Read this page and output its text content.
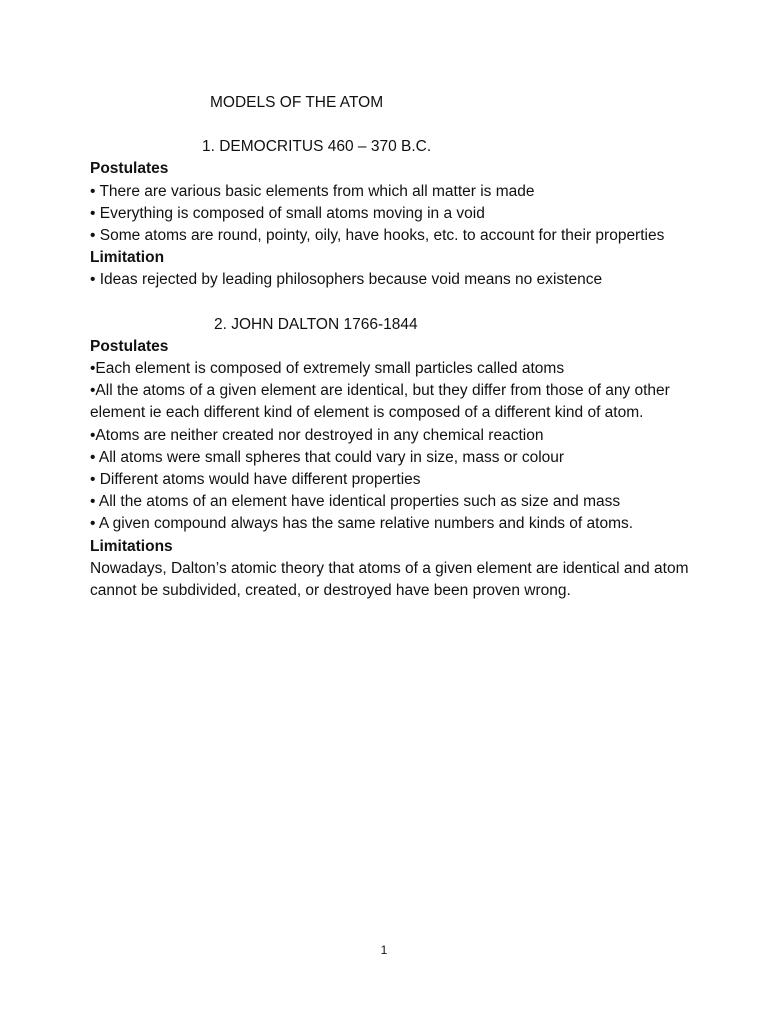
MODELS OF THE ATOM
1. DEMOCRITUS 460 – 370 B.C.

Postulates

• There are various basic elements from which all matter is made

• Everything is composed of small atoms moving in a void

• Some atoms are round, pointy, oily, have hooks, etc. to account for their properties

Limitation

• Ideas rejected by leading philosophers because void means no existence

2. JOHN DALTON 1766-1844

Postulates

•Each element is composed of extremely small particles called atoms

•All the atoms of a given element are identical, but they differ from those of any other element ie each different kind of element is composed of a different kind of atom.

•Atoms are neither created nor destroyed in any chemical reaction

• All atoms were small spheres that could vary in size, mass or colour

• Different atoms would have different properties

• All the atoms of an element have identical properties such as size and mass

• A given compound always has the same relative numbers and kinds of atoms.

Limitations

Nowadays, Dalton’s atomic theory that atoms of a given element are identical and atom cannot be subdivided, created, or destroyed have been proven wrong.

1
